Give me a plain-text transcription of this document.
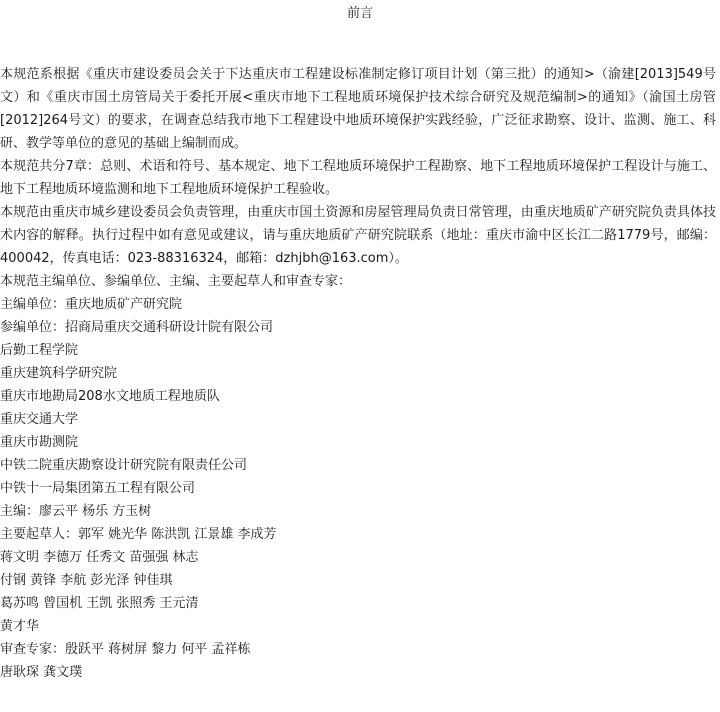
前言

本规范系根据《重庆市建设委员会关于下达重庆市工程建设标准制定修订项目计划（第三批）的通知>（渝建[2013]549号文）和《重庆市国土房管局关于委托开展<重庆市地下工程地质环境保护技术综合研究及规范编制>的通知》（渝国土房管[2012]264号文）的要求，在调查总结我市地下工程建设中地质环境保护实践经验，广泛征求勘察、设计、监测、施工、科研、教学等单位的意见的基础上编制而成。

本规范共分7章：总则、术语和符号、基本规定、地下工程地质环境保护工程勘察、地下工程地质环境保护工程设计与施工、地下工程地质环境监测和地下工程地质环境保护工程验收。

本规范由重庆市城乡建设委员会负责管理，由重庆市国土资源和房屋管理局负责日常管理，由重庆地质矿产研究院负责具体技术内容的解释。执行过程中如有意见或建议，请与重庆地质矿产研究院联系（地址：重庆市渝中区长江二路1779号，邮编：400042，传真电话：023-88316324，邮箱：dzhjbh@163.com）。

本规范主编单位、参编单位、主编、主要起草人和审查专家：

主编单位：重庆地质矿产研究院

参编单位：招商局重庆交通科研设计院有限公司

后勤工程学院

重庆建筑科学研究院

重庆市地勘局208水文地质工程地质队

重庆交通大学

重庆市勘测院

中铁二院重庆勘察设计研究院有限责任公司

中铁十一局集团第五工程有限公司

主编：廖云平 杨乐 方玉树

主要起草人：郭军 姚光华 陈洪凯 江景雄 李成芳

蒋文明 李德万 任秀文 苗强强 林志

付钢 黄锋 李航 彭光泽 钟佳琪

葛苏鸣 曾国机 王凯 张照秀 王元清

黄才华

审查专家：殷跃平 蒋树屏 黎力 何平 孟祥栋

唐耿琛 龚文璞
